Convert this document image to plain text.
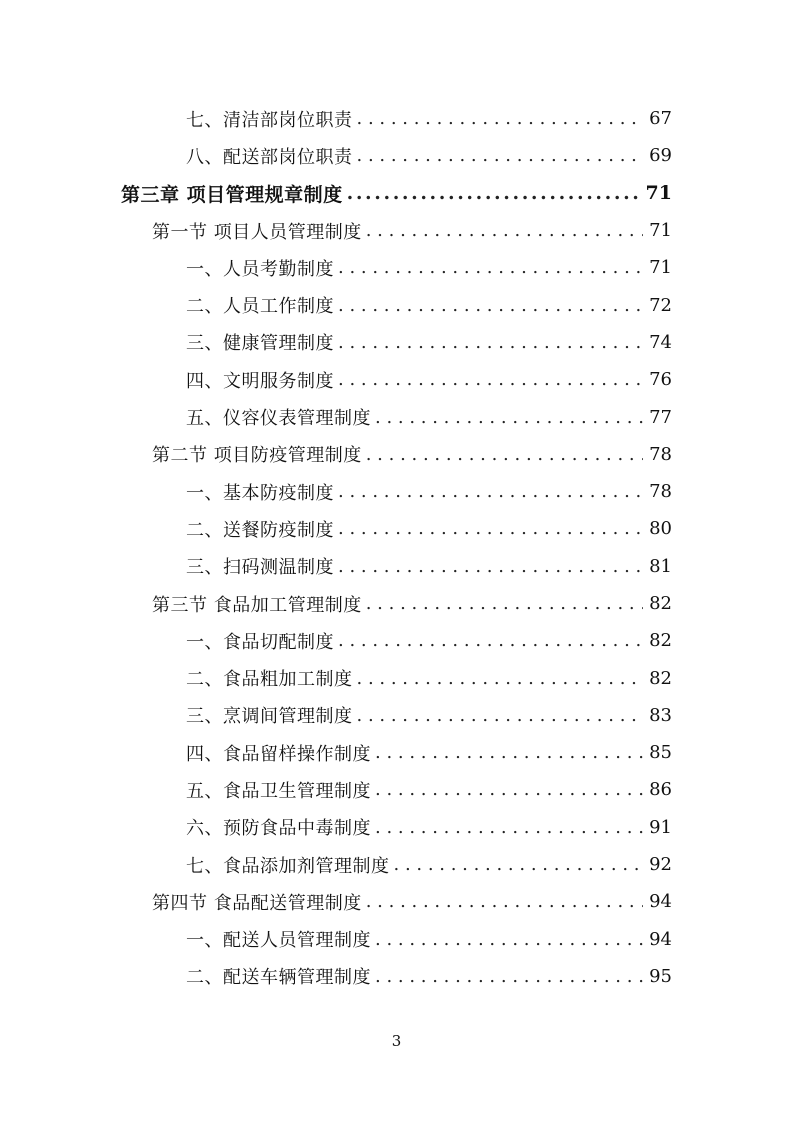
七、清洁部岗位职责 . . .	67
八、配送部岗位职责 . . .	69
第三章 项目管理规章制度 .....	71
第一节 项目人员管理制度 . . .	71
一、人员考勤制度 . . .	71
二、人员工作制度 . . .	72
三、健康管理制度 . . .	74
四、文明服务制度 . . .	76
五、仪容仪表管理制度 . . .	77
第二节 项目防疫管理制度 . . .	78
一、基本防疫制度 . . .	78
二、送餐防疫制度 . . .	80
三、扫码测温制度 . . .	81
第三节 食品加工管理制度 . . .	82
一、食品切配制度 . . .	82
二、食品粗加工制度 . . .	82
三、烹调间管理制度 . . .	83
四、食品留样操作制度 . . .	85
五、食品卫生管理制度 . . .	86
六、预防食品中毒制度 . . .	91
七、食品添加剂管理制度 . . .	92
第四节 食品配送管理制度 . . .	94
一、配送人员管理制度 . . .	94
二、配送车辆管理制度 . . .	95
3
